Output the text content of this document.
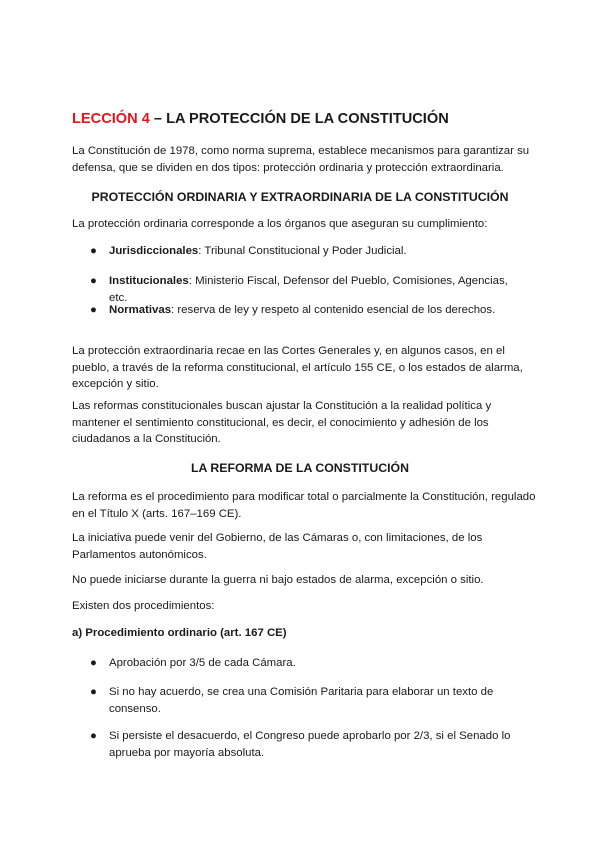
LECCIÓN 4 – LA PROTECCIÓN DE LA CONSTITUCIÓN
La Constitución de 1978, como norma suprema, establece mecanismos para garantizar su defensa, que se dividen en dos tipos: protección ordinaria y protección extraordinaria.
PROTECCIÓN ORDINARIA Y EXTRAORDINARIA DE LA CONSTITUCIÓN
La protección ordinaria corresponde a los órganos que aseguran su cumplimiento:
● Jurisdiccionales: Tribunal Constitucional y Poder Judicial.
● Institucionales: Ministerio Fiscal, Defensor del Pueblo, Comisiones, Agencias, etc.
● Normativas: reserva de ley y respeto al contenido esencial de los derechos.
La protección extraordinaria recae en las Cortes Generales y, en algunos casos, en el pueblo, a través de la reforma constitucional, el artículo 155 CE, o los estados de alarma, excepción y sitio.
Las reformas constitucionales buscan ajustar la Constitución a la realidad política y mantener el sentimiento constitucional, es decir, el conocimiento y adhesión de los ciudadanos a la Constitución.
LA REFORMA DE LA CONSTITUCIÓN
La reforma es el procedimiento para modificar total o parcialmente la Constitución, regulado en el Título X (arts. 167–169 CE).
La iniciativa puede venir del Gobierno, de las Cámaras o, con limitaciones, de los Parlamentos autonómicos.
No puede iniciarse durante la guerra ni bajo estados de alarma, excepción o sitio.
Existen dos procedimientos:
a) Procedimiento ordinario (art. 167 CE)
● Aprobación por 3/5 de cada Cámara.
● Si no hay acuerdo, se crea una Comisión Paritaria para elaborar un texto de consenso.
● Si persiste el desacuerdo, el Congreso puede aprobarlo por 2/3, si el Senado lo aprueba por mayoría absoluta.
